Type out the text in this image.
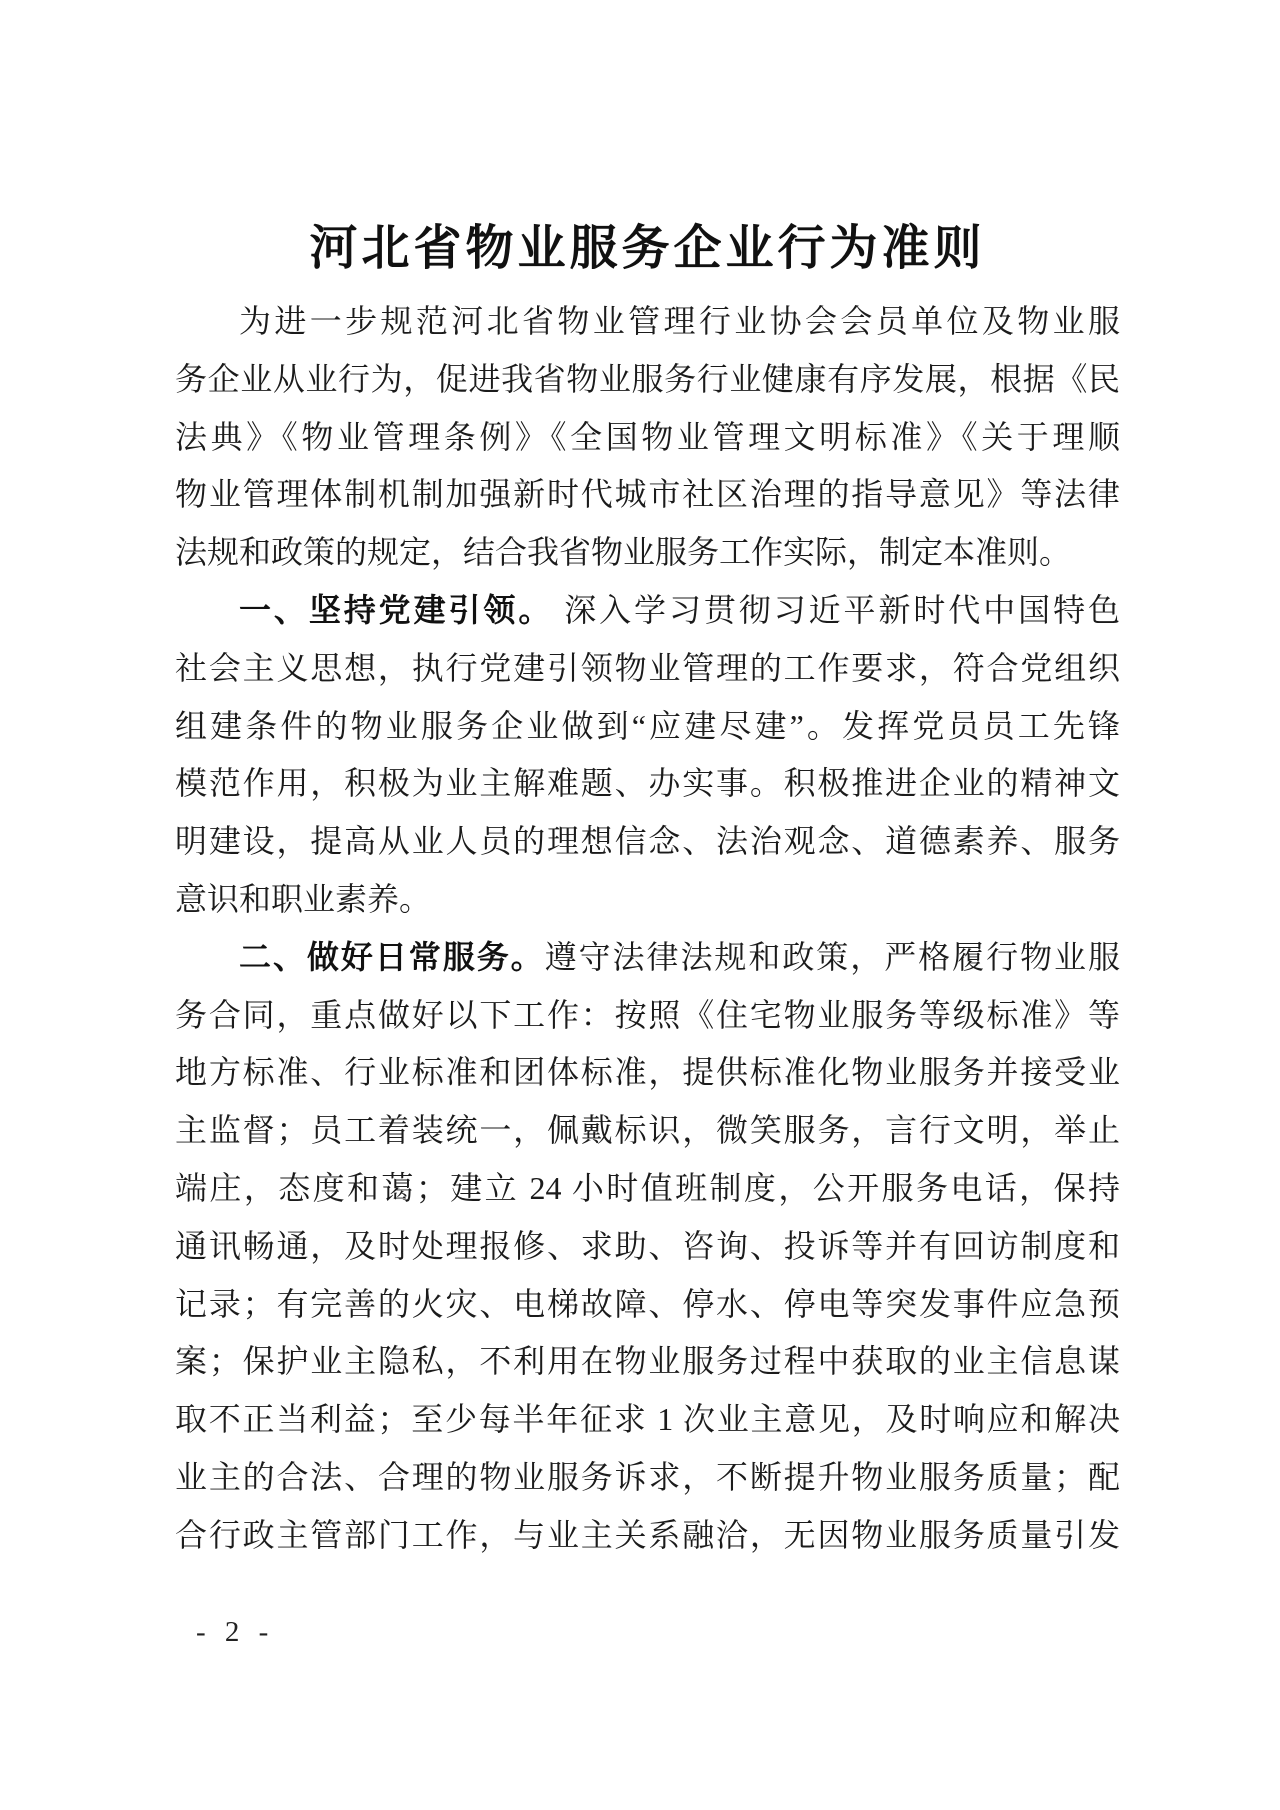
河北省物业服务企业行为准则
为进一步规范河北省物业管理行业协会会员单位及物业服
务企业从业行为，促进我省物业服务行业健康有序发展，根据《民
法典》《物业管理条例》《全国物业管理文明标准》《关于理顺
物业管理体制机制加强新时代城市社区治理的指导意见》等法律
法规和政策的规定，结合我省物业服务工作实际，制定本准则。
一、坚持党建引领。 深入学习贯彻习近平新时代中国特色
社会主义思想，执行党建引领物业管理的工作要求，符合党组织
组建条件的物业服务企业做到“应建尽建”。发挥党员员工先锋
模范作用，积极为业主解难题、办实事。积极推进企业的精神文
明建设，提高从业人员的理想信念、法治观念、道德素养、服务
意识和职业素养。
二、做好日常服务。遵守法律法规和政策，严格履行物业服
务合同，重点做好以下工作：按照《住宅物业服务等级标准》等
地方标准、行业标准和团体标准，提供标准化物业服务并接受业
主监督；员工着装统一，佩戴标识，微笑服务，言行文明，举止
端庄，态度和蔼；建立 24 小时值班制度，公开服务电话，保持
通讯畅通，及时处理报修、求助、咨询、投诉等并有回访制度和
记录；有完善的火灾、电梯故障、停水、停电等突发事件应急预
案；保护业主隐私，不利用在物业服务过程中获取的业主信息谋
取不正当利益；至少每半年征求 1 次业主意见，及时响应和解决
业主的合法、合理的物业服务诉求，不断提升物业服务质量；配
合行政主管部门工作，与业主关系融洽，无因物业服务质量引发
- 2 -
